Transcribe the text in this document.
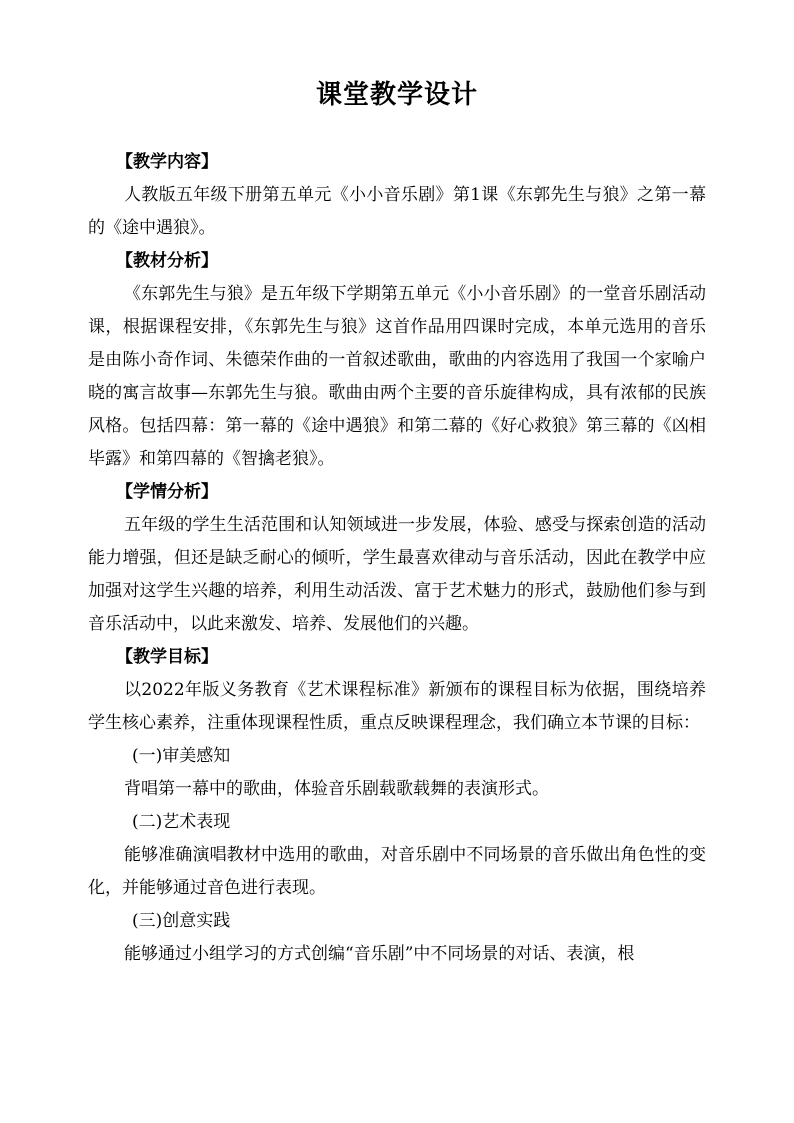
课堂教学设计
【教学内容】

人教版五年级下册第五单元《小小音乐剧》第1课《东郭先生与狼》之第一幕的《途中遇狼》。

【教材分析】

《东郭先生与狼》是五年级下学期第五单元《小小音乐剧》的一堂音乐剧活动课，根据课程安排，《东郭先生与狼》这首作品用四课时完成，本单元选用的音乐是由陈小奇作词、朱德荣作曲的一首叙述歌曲，歌曲的内容选用了我国一个家喻户晓的寓言故事—东郭先生与狼。歌曲由两个主要的音乐旋律构成，具有浓郁的民族风格。包括四幕：第一幕的《途中遇狼》和第二幕的《好心救狼》第三幕的《凶相毕露》和第四幕的《智擒老狼》。

【学情分析】

五年级的学生生活范围和认知领域进一步发展，体验、感受与探索创造的活动能力增强，但还是缺乏耐心的倾听，学生最喜欢律动与音乐活动，因此在教学中应加强对这学生兴趣的培养，利用生动活泼、富于艺术魅力的形式，鼓励他们参与到音乐活动中，以此来激发、培养、发展他们的兴趣。

【教学目标】

以2022年版义务教育《艺术课程标准》新颁布的课程目标为依据，围绕培养学生核心素养，注重体现课程性质，重点反映课程理念，我们确立本节课的目标：

(一)审美感知

背唱第一幕中的歌曲，体验音乐剧载歌载舞的表演形式。

(二)艺术表现

能够准确演唱教材中选用的歌曲，对音乐剧中不同场景的音乐做出角色性的变化，并能够通过音色进行表现。

(三)创意实践

能够通过小组学习的方式创编“音乐剧”中不同场景的对话、表演，根
